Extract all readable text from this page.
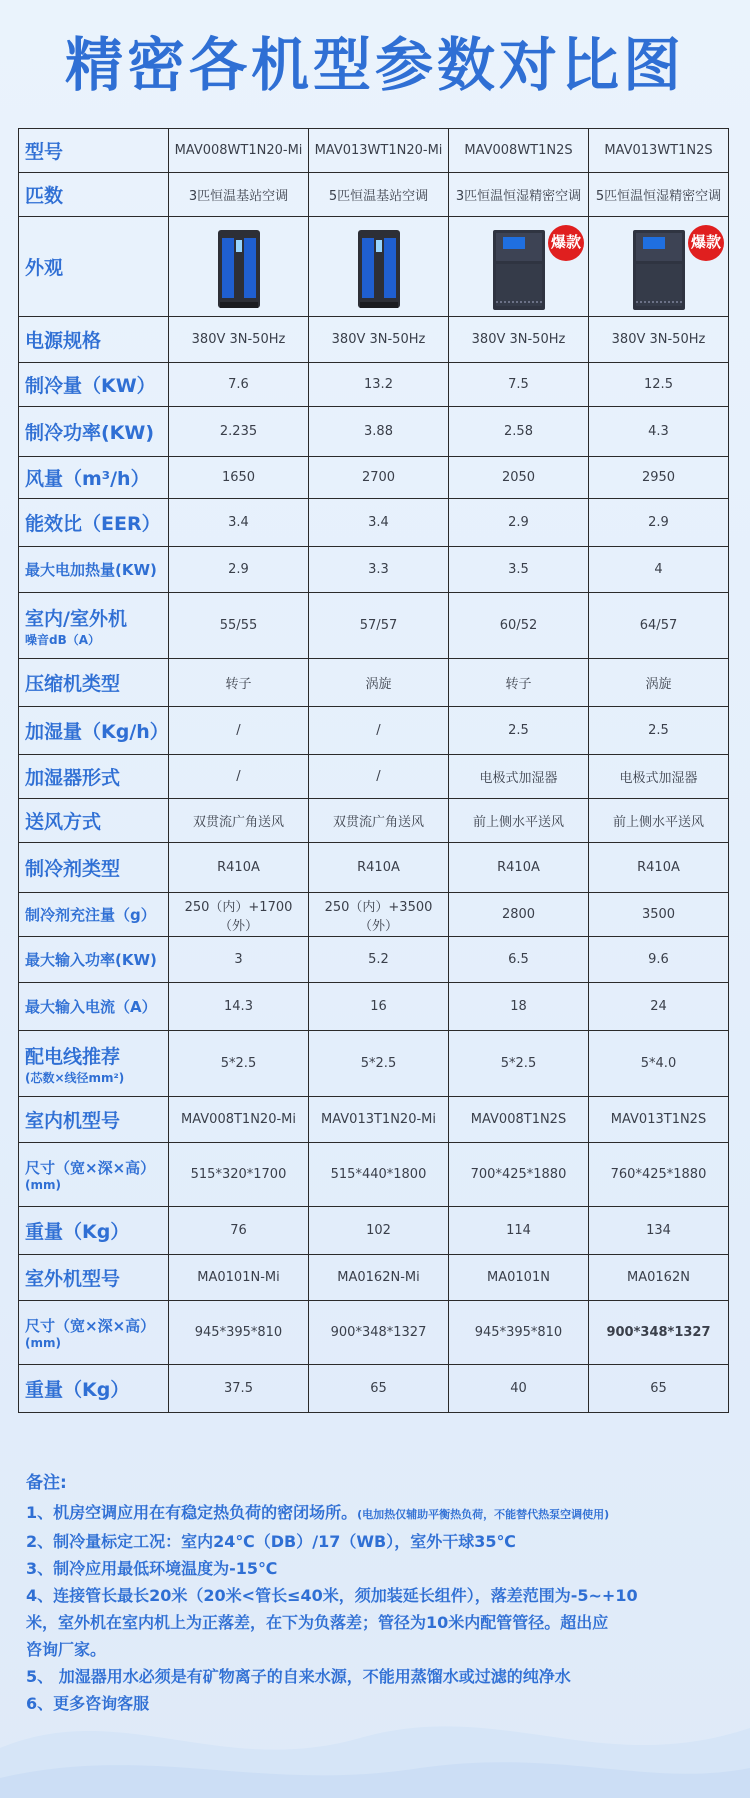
精密各机型参数对比图
型号	MAV008WT1N20-Mi	MAV013WT1N20-Mi	MAV008WT1N2S	MAV013WT1N2S
匹数	3匹恒温基站空调	5匹恒温基站空调	3匹恒温恒湿精密空调	5匹恒温恒湿精密空调
外观			爆款	爆款

电源规格	380V 3N-50Hz	380V 3N-50Hz	380V 3N-50Hz	380V 3N-50Hz
制冷量（KW）	7.6	13.2	7.5	12.5
制冷功率(KW)	2.235	3.88	2.58	4.3
风量（m³/h）	1650	2700	2050	2950
能效比（EER）	3.4	3.4	2.9	2.9
最大电加热量(KW)	2.9	3.3	3.5	4
室内/室外机

噪音dB（A）	55/55	57/57	60/52	64/57
压缩机类型	转子	涡旋	转子	涡旋
加湿量（Kg/h）	/	/	2.5	2.5
加湿器形式	/	/	电极式加湿器	电极式加湿器
送风方式	双贯流广角送风	双贯流广角送风	前上侧水平送风	前上侧水平送风
制冷剂类型	R410A	R410A	R410A	R410A
制冷剂充注量（g）	250（内）+1700（外）	250（内）+3500（外）	2800	3500
最大输入功率(KW)	3	5.2	6.5	9.6
最大输入电流（A）	14.3	16	18	24
配电线推荐

(芯数×线径mm²)	5*2.5	5*2.5	5*2.5	5*4.0
室内机型号	MAV008T1N20-Mi	MAV013T1N20-Mi	MAV008T1N2S	MAV013T1N2S
尺寸（宽×深×高）

(mm)	515*320*1700	515*440*1800	700*425*1880	760*425*1880
重量（Kg）	76	102	114	134
室外机型号	MA0101N-Mi	MA0162N-Mi	MA0101N	MA0162N
尺寸（宽×深×高）

(mm)	945*395*810	900*348*1327	945*395*810	900*348*1327
重量（Kg）	37.5	65	40	65
备注:
1、机房空调应用在有稳定热负荷的密闭场所。(电加热仅辅助平衡热负荷，不能替代热泵空调使用)
2、制冷量标定工况：室内24℃（DB）/17（WB），室外干球35℃
3、制冷应用最低环境温度为-15℃
4、连接管长最长20米（20米<管长≤40米，须加装延长组件），落差范围为-5~+10
米，室外机在室内机上为正落差，在下为负落差；管径为10米内配管管径。超出应
咨询厂家。
5、 加湿器用水必须是有矿物离子的自来水源，不能用蒸馏水或过滤的纯净水
6、更多咨询客服
